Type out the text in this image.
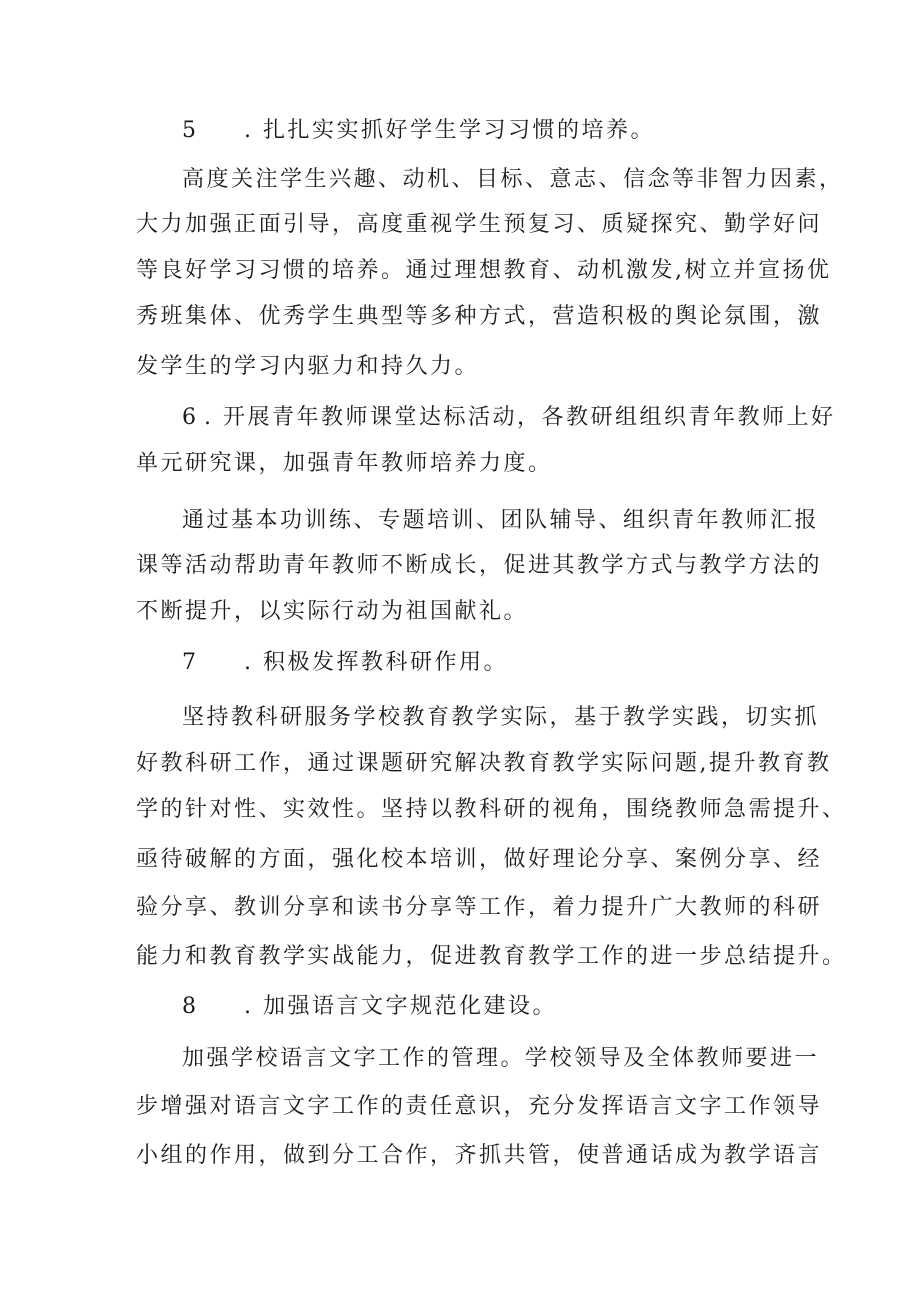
5 . 扎扎实实抓好学生学习习惯的培养。
高度关注学生兴趣、动机、目标、意志、信念等非智力因素，
大力加强正面引导，高度重视学生预复习、质疑探究、勤学好问
等良好学习习惯的培养。通过理想教育、动机激发,树立并宣扬优
秀班集体、优秀学生典型等多种方式，营造积极的舆论氛围，激
发学生的学习内驱力和持久力。
6 . 开展青年教师课堂达标活动，各教研组组织青年教师上好
单元研究课，加强青年教师培养力度。
通过基本功训练、专题培训、团队辅导、组织青年教师汇报
课等活动帮助青年教师不断成长，促进其教学方式与教学方法的
不断提升，以实际行动为祖国献礼。
7 . 积极发挥教科研作用。
坚持教科研服务学校教育教学实际，基于教学实践，切实抓
好教科研工作，通过课题研究解决教育教学实际问题,提升教育教
学的针对性、实效性。坚持以教科研的视角，围绕教师急需提升、
亟待破解的方面，强化校本培训，做好理论分享、案例分享、经
验分享、教训分享和读书分享等工作，着力提升广大教师的科研
能力和教育教学实战能力，促进教育教学工作的进一步总结提升。
8 . 加强语言文字规范化建设。
加强学校语言文字工作的管理。学校领导及全体教师要进一
步增强对语言文字工作的责任意识，充分发挥语言文字工作领导
小组的作用，做到分工合作，齐抓共管，使普通话成为教学语言
